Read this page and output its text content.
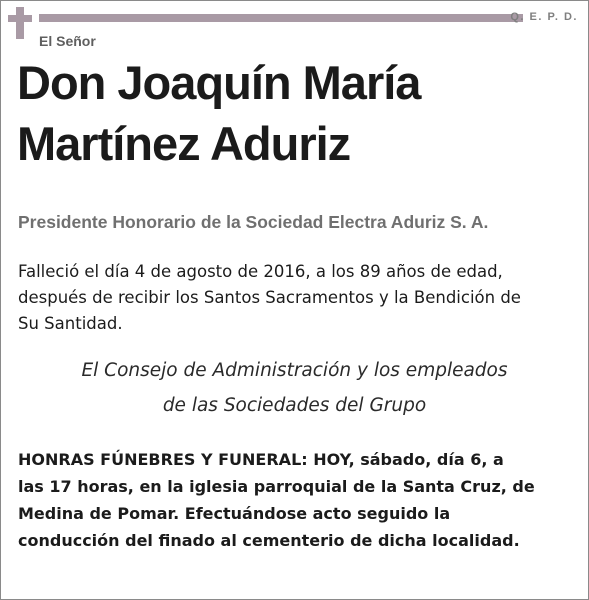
Q. E. P. D.
El Señor
Don Joaquín María
Martínez Aduriz
Presidente Honorario de la Sociedad Electra Aduriz S. A.
Falleció el día 4 de agosto de 2016, a los 89 años de edad,
después de recibir los Santos Sacramentos y la Bendición de
Su Santidad.
El Consejo de Administración y los empleados
de las Sociedades del Grupo
HONRAS FÚNEBRES Y FUNERAL: HOY, sábado, día 6, a
las 17 horas, en la iglesia parroquial de la Santa Cruz, de
Medina de Pomar. Efectuándose acto seguido la
conducción del finado al cementerio de dicha localidad.
